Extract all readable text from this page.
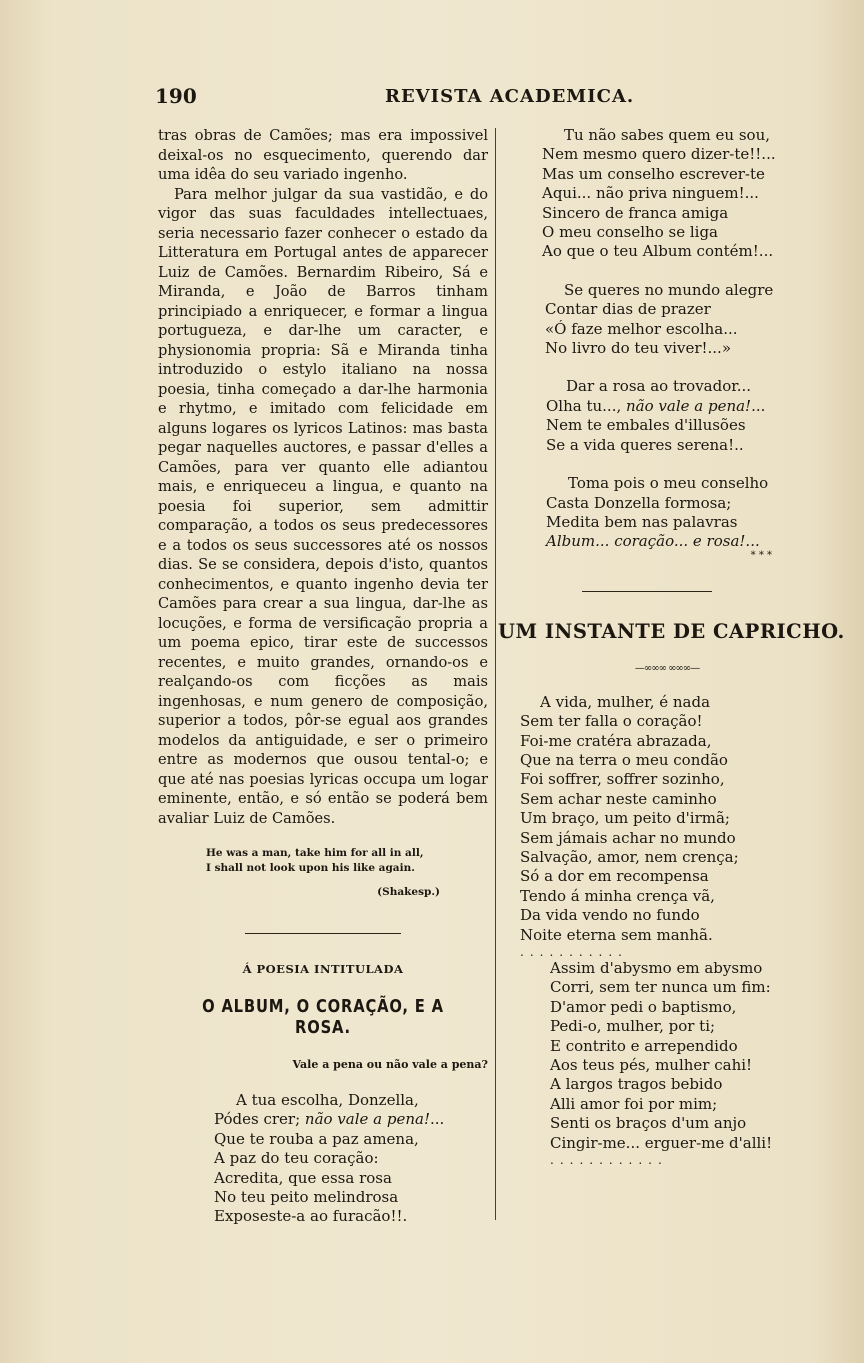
190	REVISTA ACADEMICA.

tras obras de Camões; mas era impossivel deixal-os no esquecimento, querendo dar uma idêa do seu variado ingenho.

Para melhor julgar da sua vastidão, e do vigor das suas faculdades intellectuaes, seria necessario fazer conhecer o estado da Litteratura em Portugal antes de apparecer Luiz de Camões. Bernardim Ribeiro, Sá e Miranda, e João de Barros tinham principiado a enriquecer, e formar a lingua portugueza, e dar-lhe um caracter, e physionomia propria: Sã e Miranda tinha introduzido o estylo italiano na nossa poesia, tinha começado a dar-lhe harmonia e rhytmo, e imitado com felicidade em alguns logares os lyricos Latinos: mas basta pegar naquelles auctores, e passar d'elles a Camões, para ver quanto elle adiantou mais, e enriqueceu a lingua, e quanto na poesia foi superior, sem admittir comparação, a todos os seus predecessores e a todos os seus successores até os nossos dias. Se se considera, depois d'isto, quantos conhecimentos, e quanto ingenho devia ter Camões para crear a sua lingua, dar-lhe as locuções, e forma de versificação propria a um poema epico, tirar este de successos recentes, e muito grandes, ornando-os e realçando-os com ficções as mais ingenhosas, e num genero de composição, superior a todos, pôr-se egual aos grandes modelos da antiguidade, e ser o primeiro entre as modernos que ousou tental-o; e que até nas poesias lyricas occupa um logar eminente, então, e só então se poderá bem avaliar Luiz de Camões.

He was a man, take him for all in all,
I shall not look upon his like again.
(Shakesp.)
Á POESIA INTITULADA
O ALBUM, O CORAÇÃO, E A ROSA.
Vale a pena ou não vale a pena?
A tua escolha, Donzella,
Pódes crer; não vale a pena!...
Que te rouba a paz amena,
A paz do teu coração:
Acredita, que essa rosa
No teu peito melindrosa
Exposeste-a ao furacão!!.
Tu não sabes quem eu sou,
Nem mesmo quero dizer-te!!...
Mas um conselho escrever-te
Aqui... não priva ninguem!...
Sincero de franca amiga
O meu conselho se liga
Ao que o teu Album contém!...
Se queres no mundo alegre
Contar dias de prazer
«Ó faze melhor escolha...
No livro do teu viver!...»
Dar a rosa ao trovador...
Olha tu..., não vale a pena!...
Nem te embales d'illusões
Se a vida queres serena!..
Toma pois o meu conselho
Casta Donzella formosa;
Medita bem nas palavras
Album... coração... e rosa!...
* * *
UM INSTANTE DE CAPRICHO.
—∞∞∞ ∞∞∞—
A vida, mulher, é nada
Sem ter falla o coração!
Foi-me cratéra abrazada,
Que na terra o meu condão
Foi soffrer, soffrer sozinho,
Sem achar neste caminho
Um braço, um peito d'irmã;
Sem jámais achar no mundo
Salvação, amor, nem crença;
Só a dor em recompensa
Tendo á minha crença vã,
Da vida vendo no fundo
Noite eterna sem manhã.
...........
Assim d'abysmo em abysmo
Corri, sem ter nunca um fim:
D'amor pedi o baptismo,
Pedi-o, mulher, por ti;
E contrito e arrependido
Aos teus pés, mulher cahi!
A largos tragos bebido
Alli amor foi por mim;
Senti os braços d'um anjo
Cingir-me... erguer-me d'alli!
............
